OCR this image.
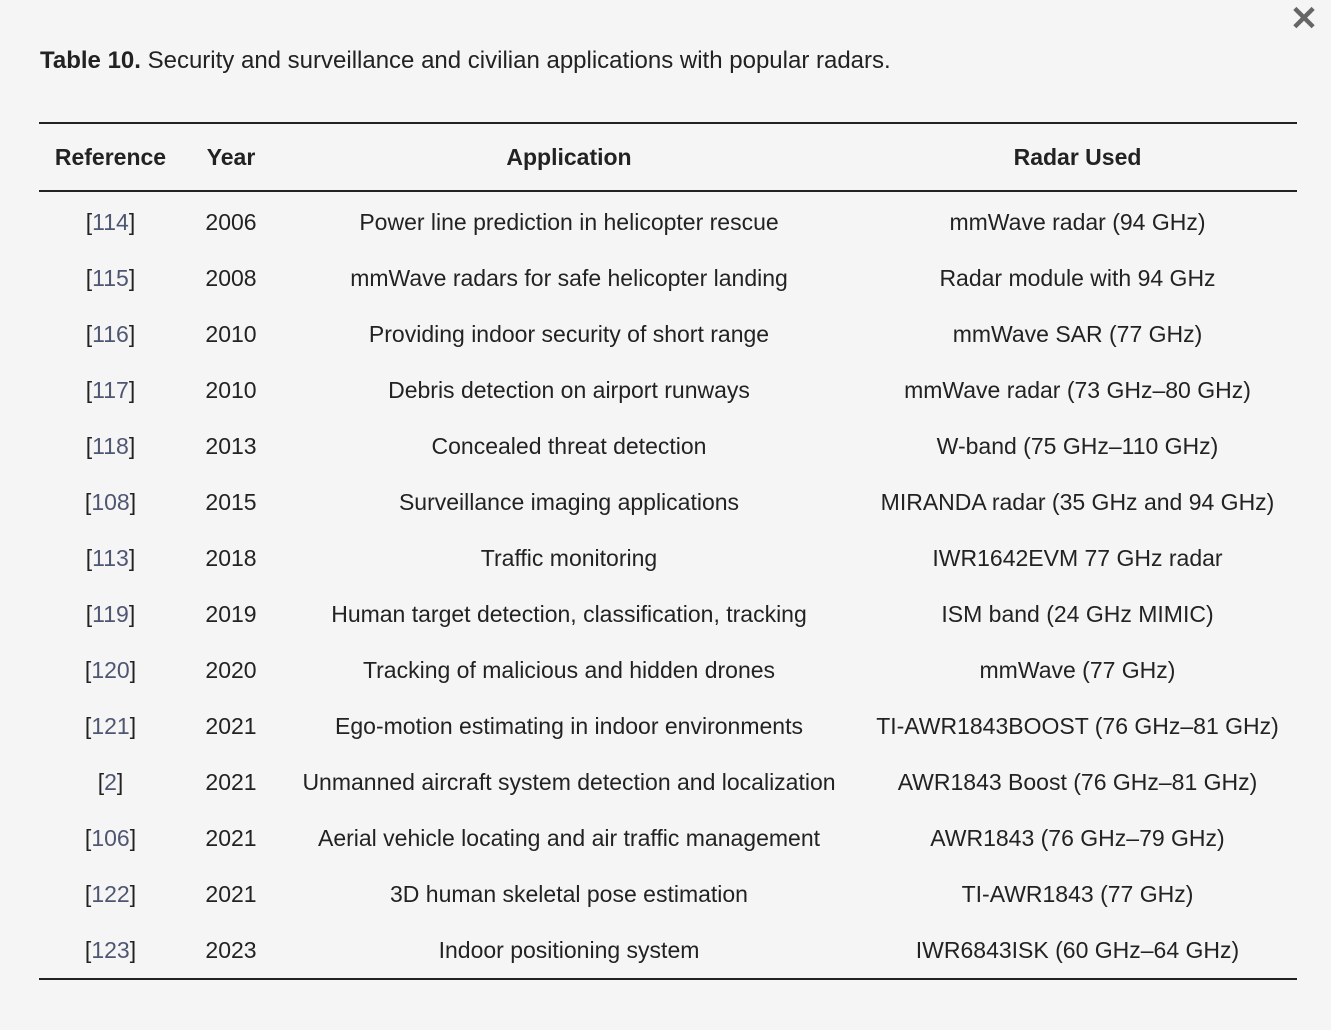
✕
Table 10. Security and surveillance and civilian applications with popular radars.
Reference	Year	Application	Radar Used
[114]	2006	Power line prediction in helicopter rescue	mmWave radar (94 GHz)
[115]	2008	mmWave radars for safe helicopter landing	Radar module with 94 GHz
[116]	2010	Providing indoor security of short range	mmWave SAR (77 GHz)
[117]	2010	Debris detection on airport runways	mmWave radar (73 GHz–80 GHz)
[118]	2013	Concealed threat detection	W-band (75 GHz–110 GHz)
[108]	2015	Surveillance imaging applications	MIRANDA radar (35 GHz and 94 GHz)
[113]	2018	Traffic monitoring	IWR1642EVM 77 GHz radar
[119]	2019	Human target detection, classification, tracking	ISM band (24 GHz MIMIC)
[120]	2020	Tracking of malicious and hidden drones	mmWave (77 GHz)
[121]	2021	Ego-motion estimating in indoor environments	TI-AWR1843BOOST (76 GHz–81 GHz)
[2]	2021	Unmanned aircraft system detection and localization	AWR1843 Boost (76 GHz–81 GHz)
[106]	2021	Aerial vehicle locating and air traffic management	AWR1843 (76 GHz–79 GHz)
[122]	2021	3D human skeletal pose estimation	TI-AWR1843 (77 GHz)
[123]	2023	Indoor positioning system	IWR6843ISK (60 GHz–64 GHz)
